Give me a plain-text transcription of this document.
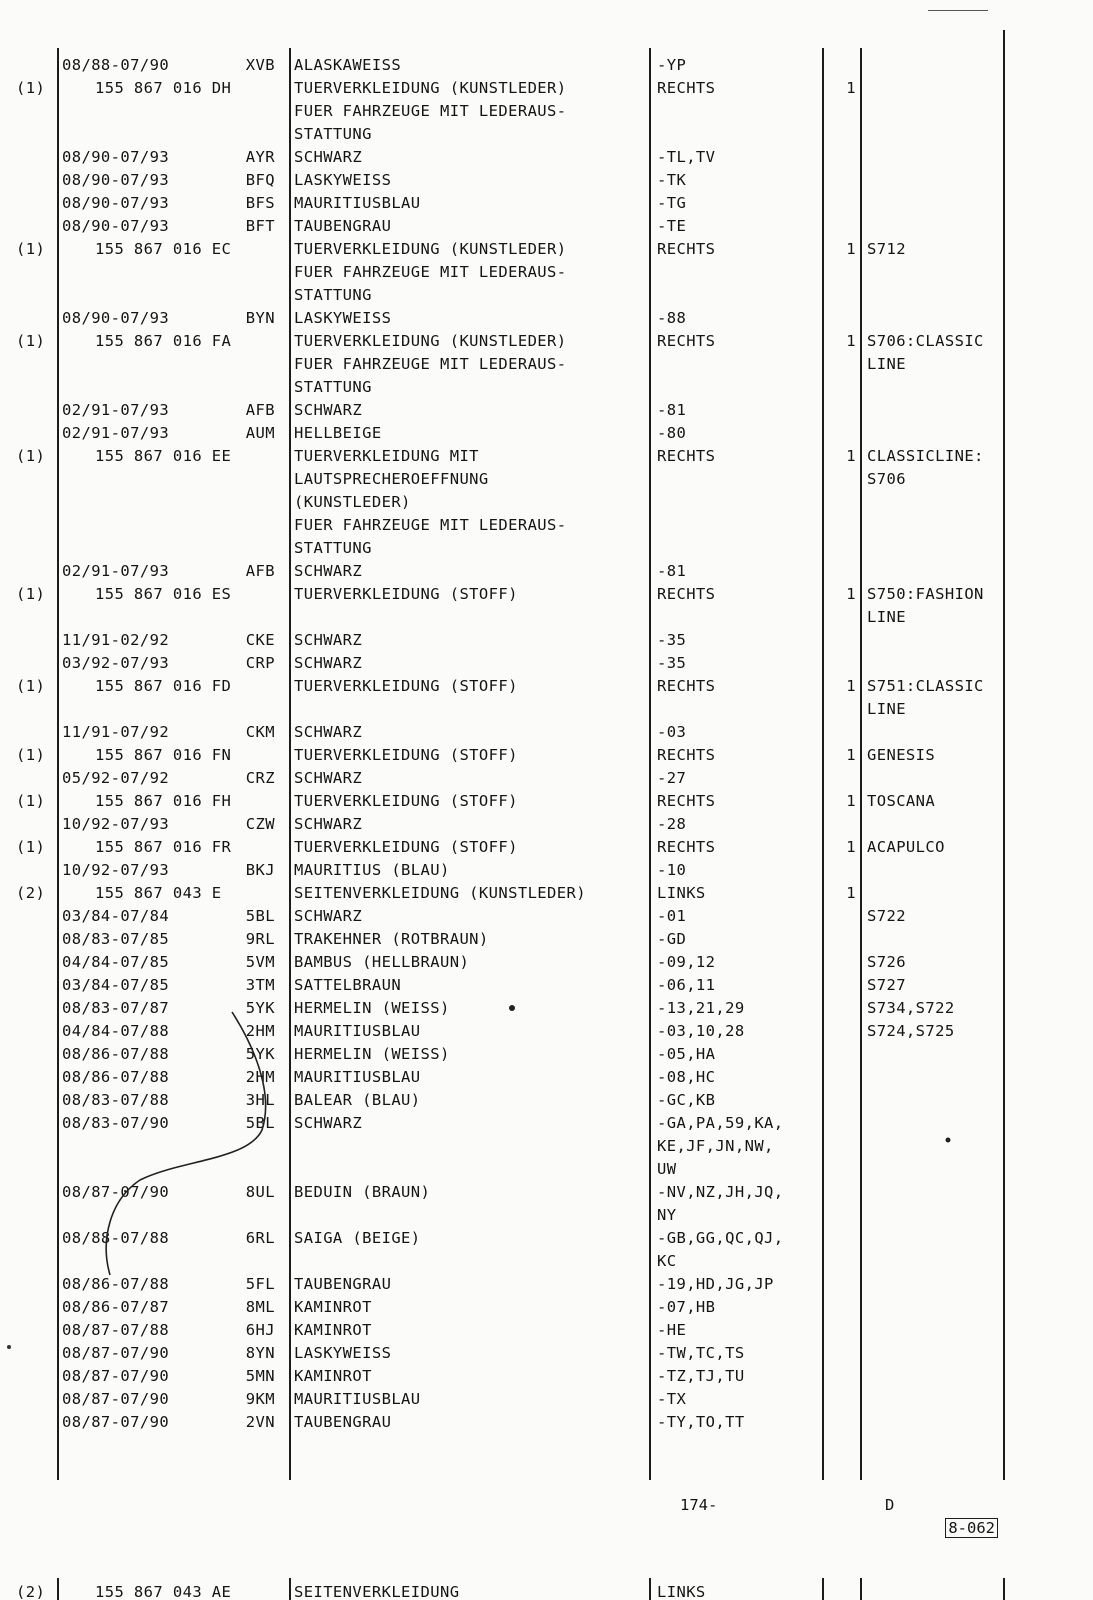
08/88-07/90	XVB ALASKAWEISS	-YP
(1)	155 867 016 DH	TUERVERKLEIDUNG (KUNSTLEDER)	RECHTS	1
FUER FAHRZEUGE MIT LEDERAUS-
STATTUNG
08/90-07/93	AYR SCHWARZ	-TL,TV
08/90-07/93	BFQ LASKYWEISS	-TK
08/90-07/93	BFS MAURITIUSBLAU	-TG
08/90-07/93	BFT TAUBENGRAU	-TE
(1)	155 867 016 EC	TUERVERKLEIDUNG (KUNSTLEDER)	RECHTS	1 S712
FUER FAHRZEUGE MIT LEDERAUS-
STATTUNG
08/90-07/93	BYN LASKYWEISS	-88
(1)	155 867 016 FA	TUERVERKLEIDUNG (KUNSTLEDER)	RECHTS	1 S706:CLASSIC
FUER FAHRZEUGE MIT LEDERAUS-	LINE
STATTUNG
02/91-07/93	AFB SCHWARZ	-81
02/91-07/93	AUM HELLBEIGE	-80
(1)	155 867 016 EE	TUERVERKLEIDUNG MIT	RECHTS	1 CLASSICLINE:
LAUTSPRECHEROEFFNUNG	S706
(KUNSTLEDER)
FUER FAHRZEUGE MIT LEDERAUS-
STATTUNG
02/91-07/93	AFB SCHWARZ	-81
(1)	155 867 016 ES	TUERVERKLEIDUNG (STOFF)	RECHTS	1 S750:FASHION
LINE
11/91-02/92	CKE SCHWARZ	-35
03/92-07/93	CRP SCHWARZ	-35
(1)	155 867 016 FD	TUERVERKLEIDUNG (STOFF)	RECHTS	1 S751:CLASSIC
LINE
11/91-07/92	CKM SCHWARZ	-03
(1)	155 867 016 FN	TUERVERKLEIDUNG (STOFF)	RECHTS	1 GENESIS
05/92-07/92	CRZ SCHWARZ	-27
(1)	155 867 016 FH	TUERVERKLEIDUNG (STOFF)	RECHTS	1 TOSCANA
10/92-07/93	CZW SCHWARZ	-28
(1)	155 867 016 FR	TUERVERKLEIDUNG (STOFF)	RECHTS	1 ACAPULCO
10/92-07/93	BKJ MAURITIUS (BLAU)	-10
(2)	155 867 043 E	SEITENVERKLEIDUNG (KUNSTLEDER)	LINKS	1
03/84-07/84	5BL SCHWARZ	-01	S722
08/83-07/85	9RL TRAKEHNER (ROTBRAUN)	-GD
04/84-07/85	5VM BAMBUS (HELLBRAUN)	-09,12	S726
03/84-07/85	3TM SATTELBRAUN	-06,11	S727
08/83-07/87	5YK HERMELIN (WEISS)	-13,21,29	S734,S722
04/84-07/88	2HM MAURITIUSBLAU	-03,10,28	S724,S725
08/86-07/88	5YK HERMELIN (WEISS)	-05,HA
08/86-07/88	2HM MAURITIUSBLAU	-08,HC
08/83-07/88	3HL BALEAR (BLAU)	-GC,KB
08/83-07/90	5BL SCHWARZ	-GA,PA,59,KA,
KE,JF,JN,NW,
UW
08/87-07/90	8UL BEDUIN (BRAUN)	-NV,NZ,JH,JQ,
NY
08/88-07/88	6RL SAIGA (BEIGE)	-GB,GG,QC,QJ,
KC
08/86-07/88	5FL TAUBENGRAU	-19,HD,JG,JP
08/86-07/87	8ML KAMINROT	-07,HB
08/87-07/88	6HJ KAMINROT	-HE
08/87-07/90	8YN LASKYWEISS	-TW,TC,TS
08/87-07/90	5MN KAMINROT	-TZ,TJ,TU
08/87-07/90	9KM MAURITIUSBLAU	-TX
08/87-07/90	2VN TAUBENGRAU	-TY,TO,TT
174-	D

8-062

(2)	155 867 043 AE	SEITENVERKLEIDUNG	LINKS
